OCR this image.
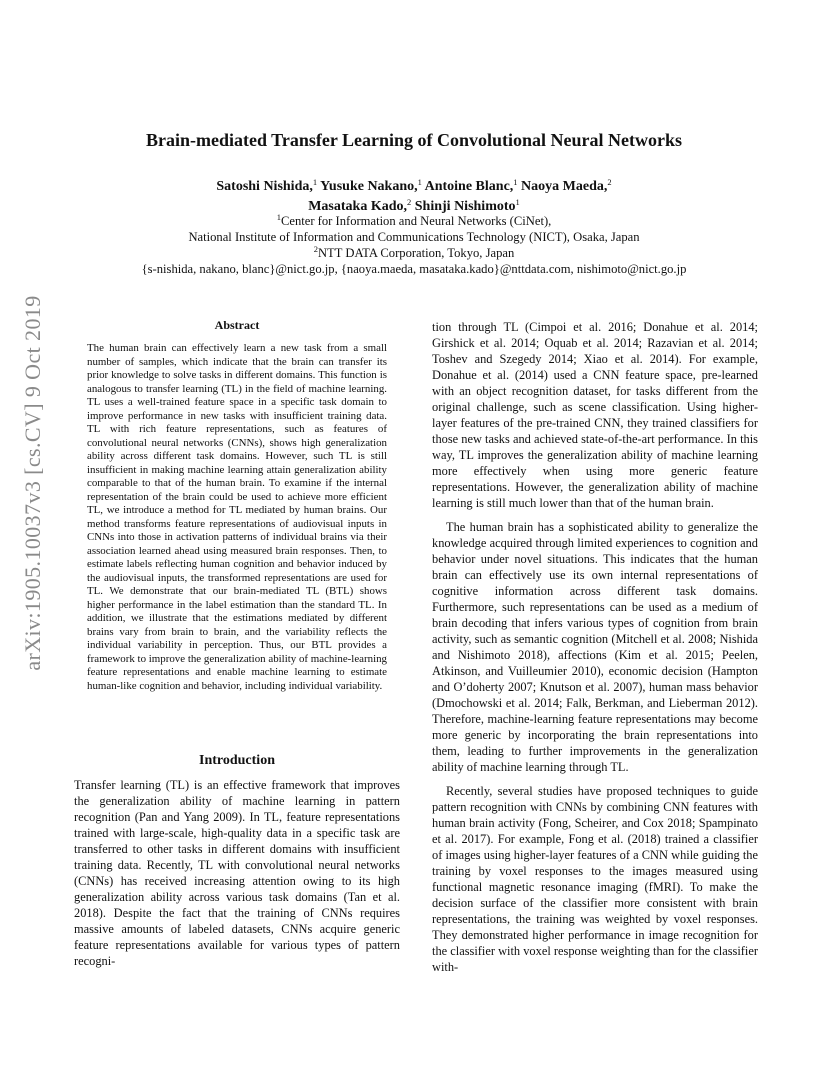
arXiv:1905.10037v3 [cs.CV] 9 Oct 2019
Brain-mediated Transfer Learning of Convolutional Neural Networks
Satoshi Nishida,$^1$ Yusuke Nakano,$^1$ Antoine Blanc,$^1$ Naoya Maeda,$^2$
Masataka Kado,$^2$ Shinji Nishimoto$^1$
$^1$Center for Information and Neural Networks (CiNet),
National Institute of Information and Communications Technology (NICT), Osaka, Japan
$^2$NTT DATA Corporation, Tokyo, Japan
{s-nishida, nakano, blanc}@nict.go.jp, {naoya.maeda, masataka.kado}@nttdata.com, nishimoto@nict.go.jp
Abstract
The human brain can effectively learn a new task from a small number of samples, which indicate that the brain can transfer its prior knowledge to solve tasks in different domains. This function is analogous to transfer learning (TL) in the field of machine learning. TL uses a well-trained feature space in a specific task domain to improve performance in new tasks with insufficient training data. TL with rich feature representations, such as features of convolutional neural networks (CNNs), shows high generalization ability across different task domains. However, such TL is still insufficient in making machine learning attain generalization ability comparable to that of the human brain. To examine if the internal representation of the brain could be used to achieve more efficient TL, we introduce a method for TL mediated by human brains. Our method transforms feature representations of audiovisual inputs in CNNs into those in activation patterns of individual brains via their association learned ahead using measured brain responses. Then, to estimate labels reflecting human cognition and behavior induced by the audiovisual inputs, the transformed representations are used for TL. We demonstrate that our brain-mediated TL (BTL) shows higher performance in the label estimation than the standard TL. In addition, we illustrate that the estimations mediated by different brains vary from brain to brain, and the variability reflects the individual variability in perception. Thus, our BTL provides a framework to improve the generalization ability of machine-learning feature representations and enable machine learning to estimate human-like cognition and behavior, including individual variability.
Introduction
Transfer learning (TL) is an effective framework that improves the generalization ability of machine learning in pattern recognition (Pan and Yang 2009). In TL, feature representations trained with large-scale, high-quality data in a specific task are transferred to other tasks in different domains with insufficient training data. Recently, TL with convolutional neural networks (CNNs) has received increasing attention owing to its high generalization ability across various task domains (Tan et al. 2018). Despite the fact that the training of CNNs requires massive amounts of labeled datasets, CNNs acquire generic feature representations available for various types of pattern recogni-

tion through TL (Cimpoi et al. 2016; Donahue et al. 2014; Girshick et al. 2014; Oquab et al. 2014; Razavian et al. 2014; Toshev and Szegedy 2014; Xiao et al. 2014). For example, Donahue et al. (2014) used a CNN feature space, pre-learned with an object recognition dataset, for tasks different from the original challenge, such as scene classification. Using higher-layer features of the pre-trained CNN, they trained classifiers for those new tasks and achieved state-of-the-art performance. In this way, TL improves the generalization ability of machine learning more effectively when using more generic feature representations. However, the generalization ability of machine learning is still much lower than that of the human brain.

The human brain has a sophisticated ability to generalize the knowledge acquired through limited experiences to cognition and behavior under novel situations. This indicates that the human brain can effectively use its own internal representations of cognitive information across different task domains. Furthermore, such representations can be used as a medium of brain decoding that infers various types of cognition from brain activity, such as semantic cognition (Mitchell et al. 2008; Nishida and Nishimoto 2018), affections (Kim et al. 2015; Peelen, Atkinson, and Vuilleumier 2010), economic decision (Hampton and O’doherty 2007; Knutson et al. 2007), human mass behavior (Dmochowski et al. 2014; Falk, Berkman, and Lieberman 2012). Therefore, machine-learning feature representations may become more generic by incorporating the brain representations into them, leading to further improvements in the generalization ability of machine learning through TL.

Recently, several studies have proposed techniques to guide pattern recognition with CNNs by combining CNN features with human brain activity (Fong, Scheirer, and Cox 2018; Spampinato et al. 2017). For example, Fong et al. (2018) trained a classifier of images using higher-layer features of a CNN while guiding the training by voxel responses to the images measured using functional magnetic resonance imaging (fMRI). To make the decision surface of the classifier more consistent with brain representations, the training was weighted by voxel responses. They demonstrated higher performance in image recognition for the classifier with voxel response weighting than for the classifier with-
